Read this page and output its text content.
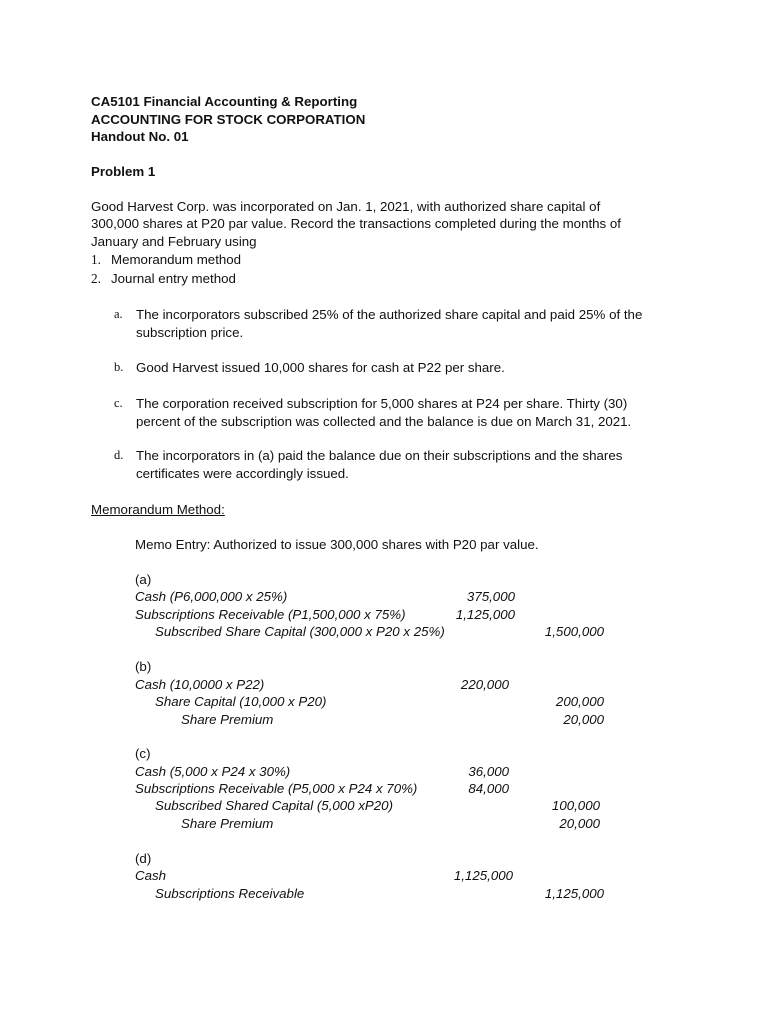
CA5101 Financial Accounting & Reporting
ACCOUNTING FOR STOCK CORPORATION
Handout No. 01
Problem 1
Good Harvest Corp. was incorporated on Jan. 1, 2021, with authorized share capital of
300,000 shares at P20 par value. Record the transactions completed during the months of
January and February using
1. Memorandum method
2. Journal entry method
a.	The incorporators subscribed 25% of the authorized share capital and paid 25% of the
subscription price.
b. Good Harvest issued 10,000 shares for cash at P22 per share.
c.	The corporation received subscription for 5,000 shares at P24 per share. Thirty (30)
percent of the subscription was collected and the balance is due on March 31, 2021.
d. The incorporators in (a) paid the balance due on their subscriptions and the shares
certificates were accordingly issued.
Memorandum Method:
Memo Entry: Authorized to issue 300,000 shares with P20 par value.
(a)
Cash (P6,000,000 x 25%)	375,000
Subscriptions Receivable (P1,500,000 x 75%)	1,125,000
Subscribed Share Capital (300,000 x P20 x 25%)	1,500,000
(b)
Cash (10,0000 x P22)	220,000
Share Capital (10,000 x P20)	200,000
Share Premium	20,000
(c)
Cash (5,000 x P24 x 30%)	36,000
Subscriptions Receivable (P5,000 x P24 x 70%)	84,000
Subscribed Shared Capital (5,000 xP20)	100,000
Share Premium	20,000
(d)
Cash	1,125,000
Subscriptions Receivable	1,125,000
